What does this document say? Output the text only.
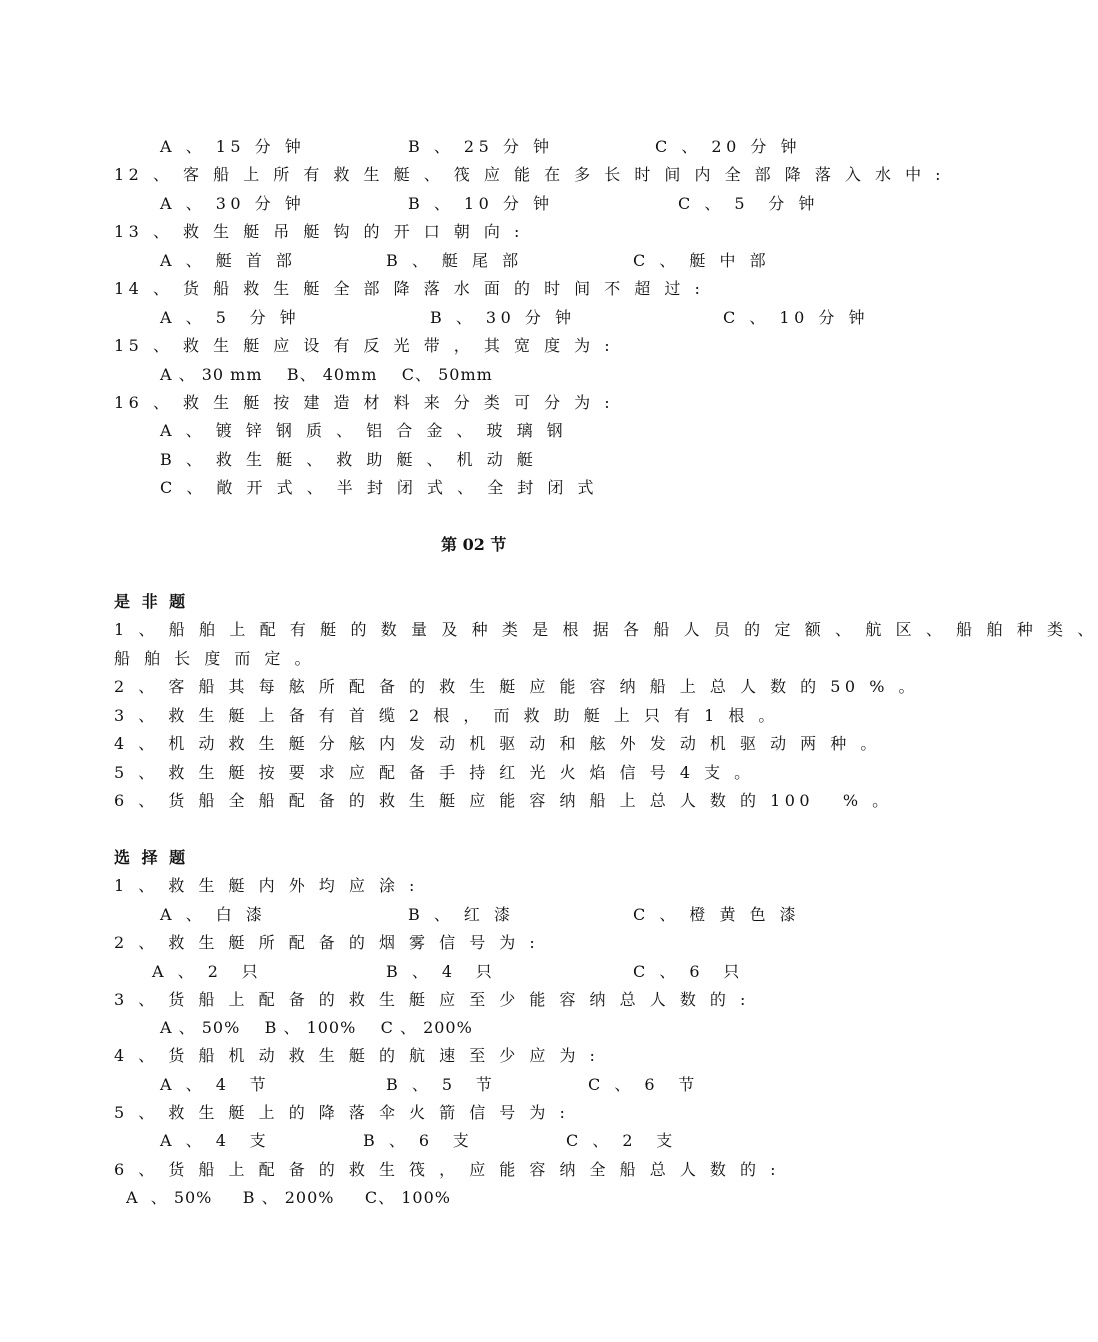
A 、 15 分 钟	B 、 25 分 钟	C 、 20 分 钟
12 、 客 船 上 所 有 救 生 艇 、 筏 应 能 在 多 长 时 间 内 全 部 降 落 入 水 中 :
A 、 30 分 钟	B 、 10 分 钟	C 、 5  分 钟
13 、 救 生 艇 吊 艇 钩 的 开 口 朝 向 :
A 、 艇 首 部	B 、 艇 尾 部	C 、 艇 中 部
14 、 货 船 救 生 艇 全 部 降 落 水 面 的 时 间 不 超 过 :
A 、 5  分 钟	B 、 30 分 钟	C 、 10 分 钟
15 、 救 生 艇 应 设 有 反 光 带 ， 其 宽 度 为 :
A 、 30 mm    B、 40mm    C、 50mm
16 、 救 生 艇 按 建 造 材 料 来 分 类 可 分 为 :
A 、 镀 锌 钢 质 、 铝 合 金 、 玻 璃 钢
B 、 救 生 艇 、 救 助 艇 、 机 动 艇
C 、 敞 开 式 、 半 封 闭 式 、 全 封 闭 式
第 02 节
是 非 题
1 、 船 舶 上 配 有 艇 的 数 量 及 种 类 是 根 据 各 船 人 员 的 定 额 、 航 区 、 船 舶 种 类 、
船 舶 长 度 而 定 。
2 、 客 船 其 每 舷 所 配 备 的 救 生 艇 应 能 容 纳 船 上 总 人 数 的 50 % 。
3 、 救 生 艇 上 备 有 首 缆 2 根 ， 而 救 助 艇 上 只 有 1 根 。
4 、 机 动 救 生 艇 分 舷 内 发 动 机 驱 动 和 舷 外 发 动 机 驱 动 两 种 。
5 、 救 生 艇 按 要 求 应 配 备 手 持 红 光 火 焰 信 号 4 支 。
6 、 货 船 全 船 配 备 的 救 生 艇 应 能 容 纳 船 上 总 人 数 的 100   % 。
选 择 题
1 、 救 生 艇 内 外 均 应 涂 :
A 、 白 漆	B 、 红 漆	C 、 橙 黄 色 漆
2 、 救 生 艇 所 配 备 的 烟 雾 信 号 为 :
A 、 2  只	B 、 4  只	C 、 6  只
3 、 货 船 上 配 备 的 救 生 艇 应 至 少 能 容 纳 总 人 数 的 :
A 、 50%    B 、 100%    C 、 200%
4 、 货 船 机 动 救 生 艇 的 航 速 至 少 应 为 :
A 、 4  节	B 、 5  节	C 、 6  节
5 、 救 生 艇 上 的 降 落 伞 火 箭 信 号 为 :
A 、 4  支	B 、 6  支	C 、 2  支
6 、 货 船 上 配 备 的 救 生 筏 ， 应 能 容 纳 全 船 总 人 数 的 :
A  、 50%     B 、 200%     C、 100%
